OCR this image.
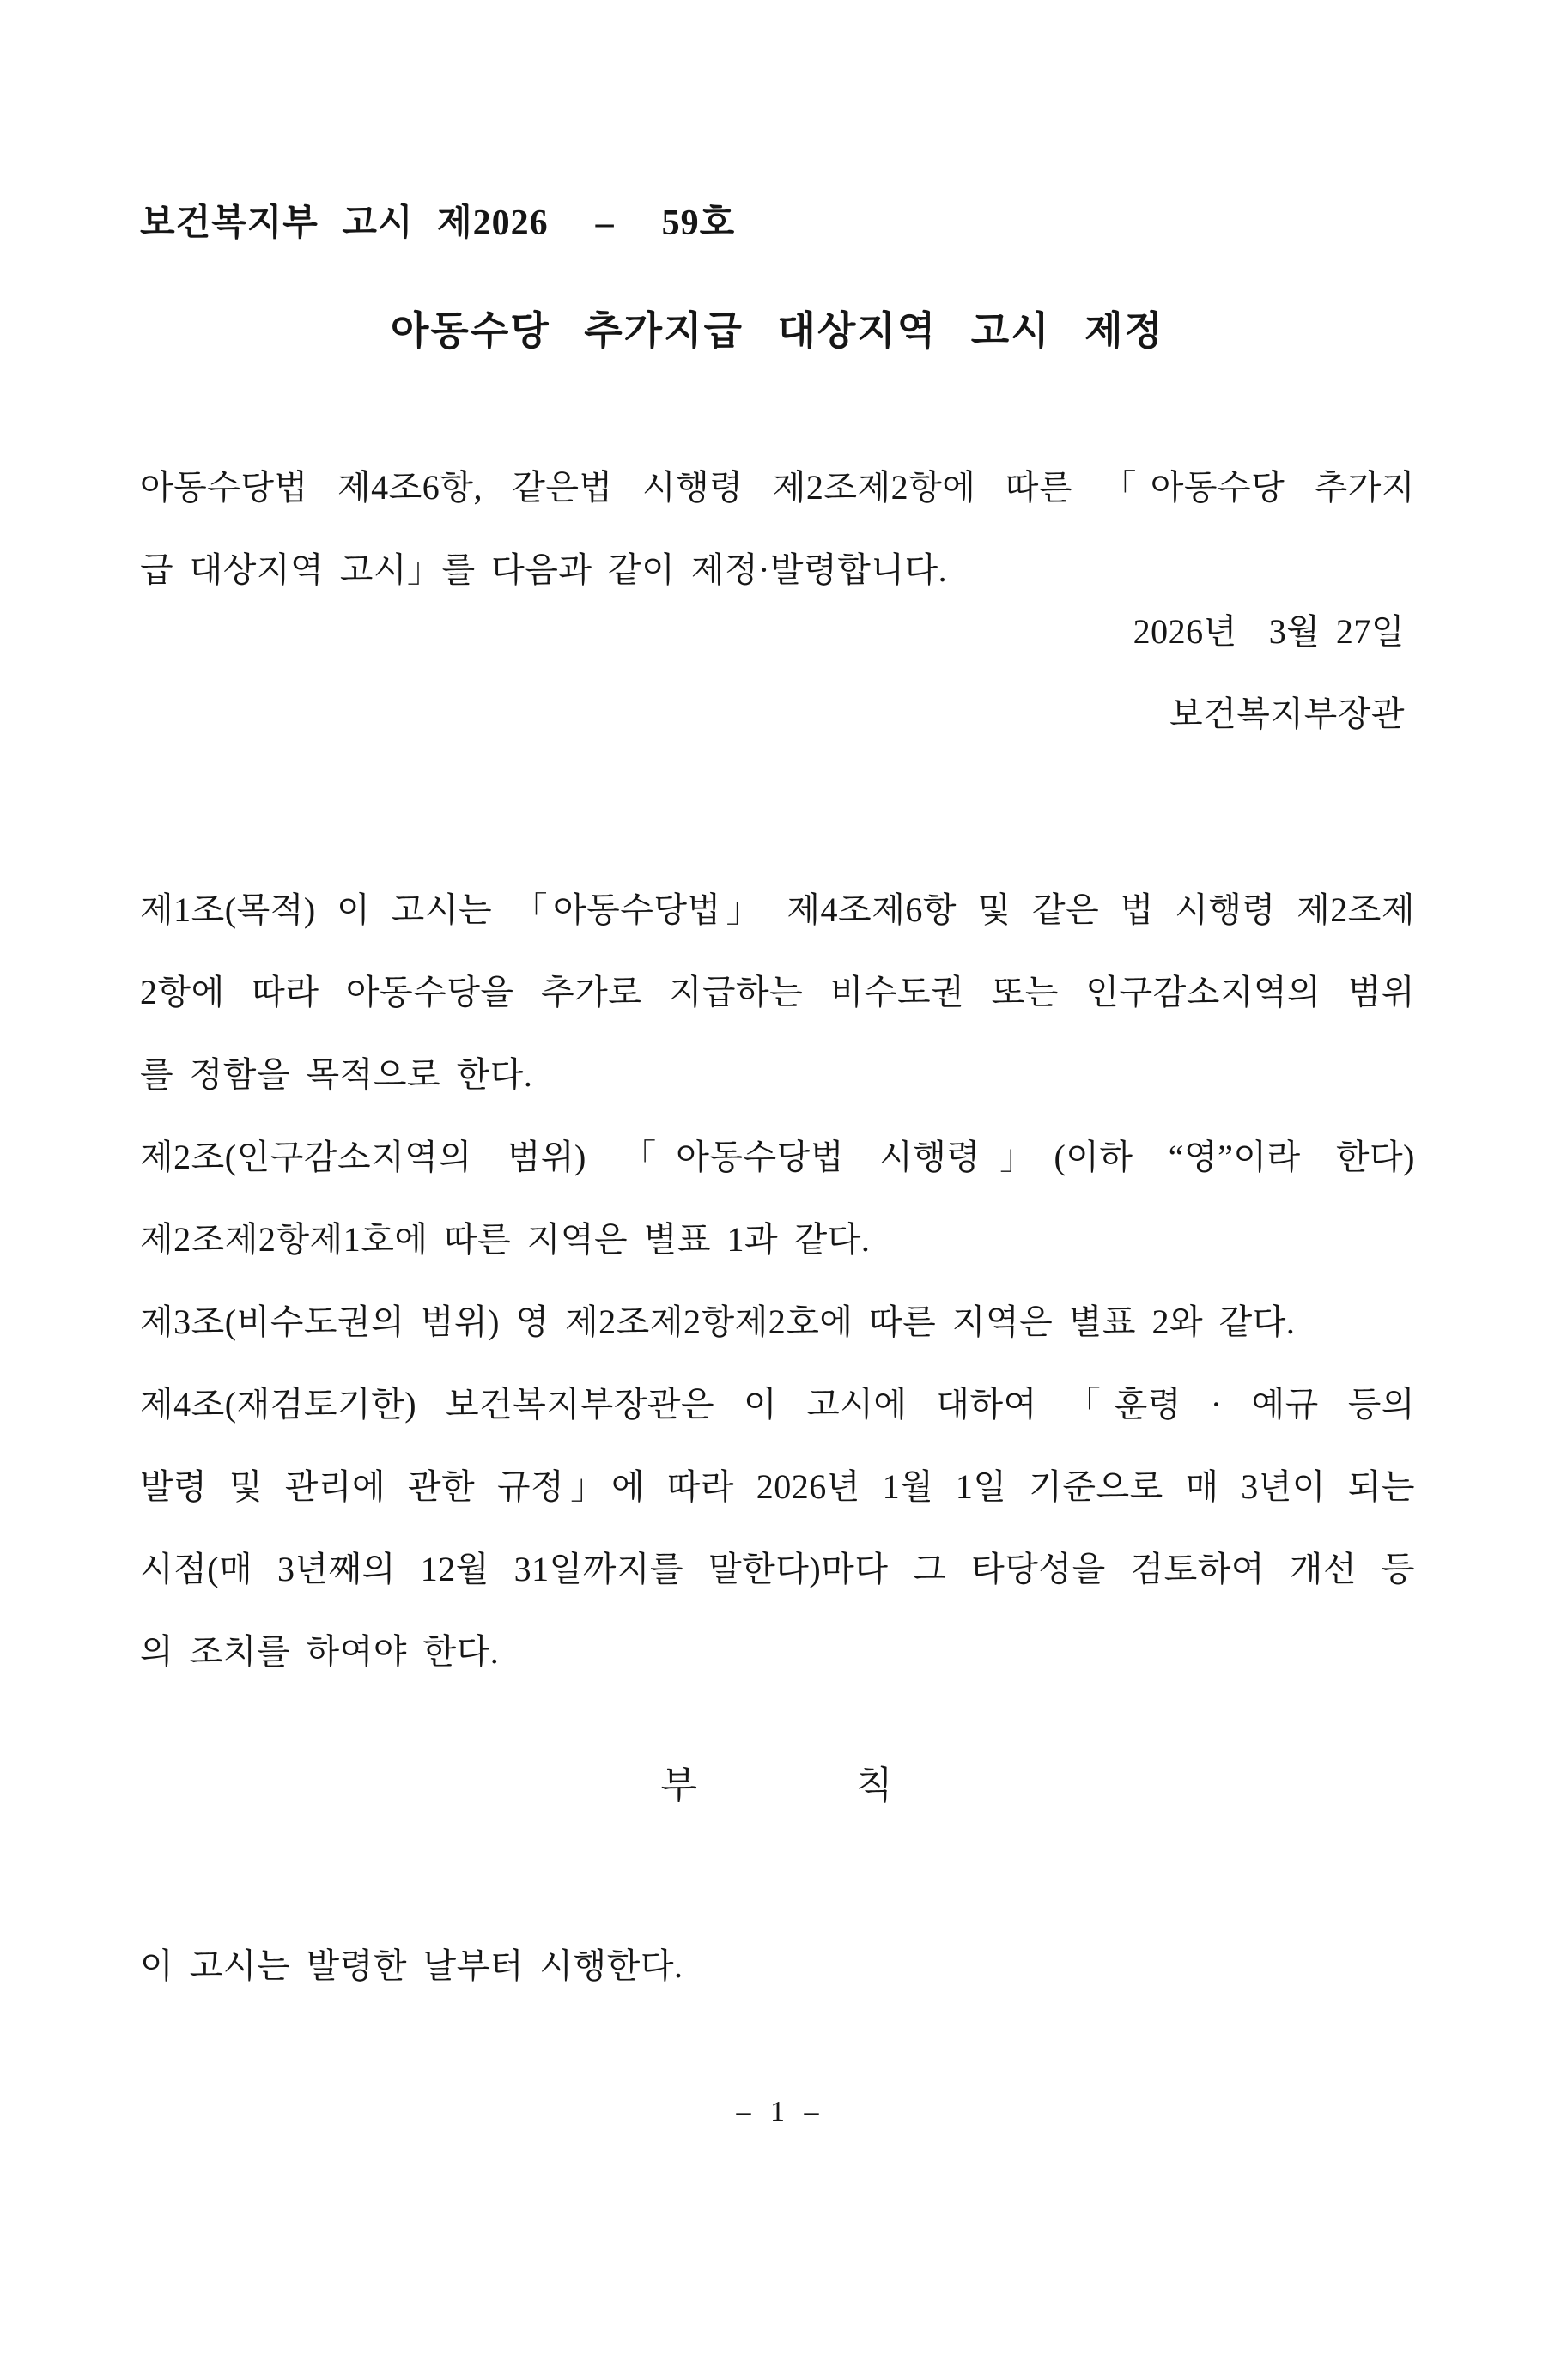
보건복지부 고시 제2026  –  59호
아동수당 추가지급 대상지역 고시 제정
아동수당법 제4조6항, 같은법 시행령 제2조제2항에 따른 「아동수당 추가지
급 대상지역 고시」를 다음과 같이 제정·발령합니다.
2026년  3월 27일
보건복지부장관
제1조(목적) 이 고시는 「아동수당법」 제4조제6항 및 같은 법 시행령 제2조제
2항에 따라 아동수당을 추가로 지급하는 비수도권 또는 인구감소지역의 범위
를 정함을 목적으로 한다.
제2조(인구감소지역의 범위) 「아동수당법 시행령」(이하 “영”이라 한다)
제2조제2항제1호에 따른 지역은 별표 1과 같다.
제3조(비수도권의 범위) 영 제2조제2항제2호에 따른 지역은 별표 2와 같다.
제4조(재검토기한) 보건복지부장관은 이 고시에 대하여 「훈령 · 예규 등의
발령 및 관리에 관한 규정」에 따라 2026년 1월 1일 기준으로 매 3년이 되는
시점(매 3년째의 12월 31일까지를 말한다)마다 그 타당성을 검토하여 개선 등
의 조치를 하여야 한다.
부 칙
이 고시는 발령한 날부터 시행한다.
– 1 –
